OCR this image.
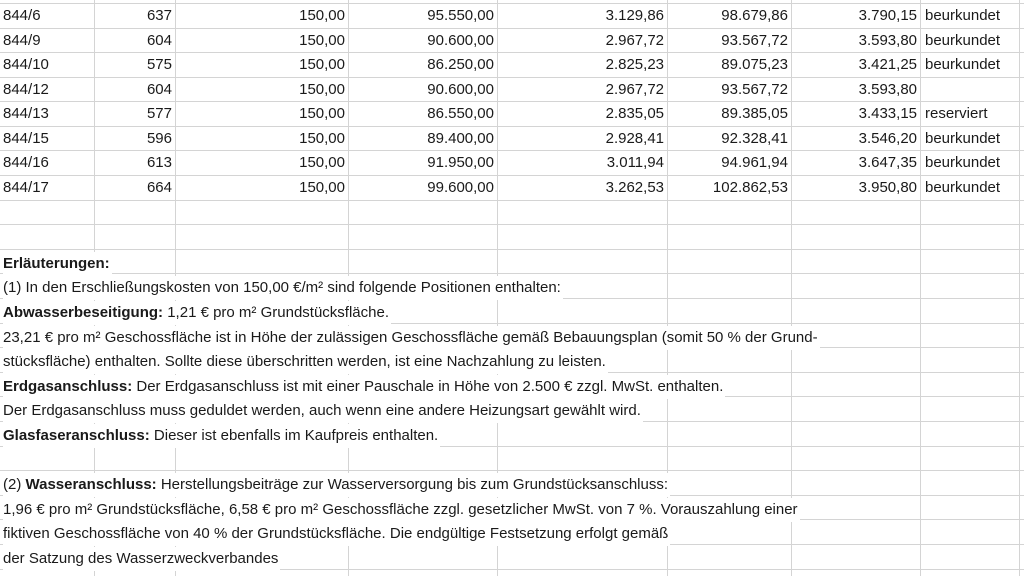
844/6	637	150,00	95.550,00	3.129,86	98.679,86	3.790,15 beurkundet
844/9	604	150,00	90.600,00	2.967,72	93.567,72	3.593,80 beurkundet
844/10	575	150,00	86.250,00	2.825,23	89.075,23	3.421,25 beurkundet
844/12	604	150,00	90.600,00	2.967,72	93.567,72	3.593,80
844/13	577	150,00	86.550,00	2.835,05	89.385,05	3.433,15 reserviert
844/15	596	150,00	89.400,00	2.928,41	92.328,41	3.546,20 beurkundet
844/16	613	150,00	91.950,00	3.011,94	94.961,94	3.647,35 beurkundet
844/17	664	150,00	99.600,00	3.262,53	102.862,53	3.950,80 beurkundet
Erläuterungen:
(1) In den Erschließungskosten von 150,00 €/m² sind folgende Positionen enthalten:
Abwasserbeseitigung: 1,21 € pro m² Grundstücksfläche.
23,21 € pro m² Geschossfläche ist in Höhe der zulässigen Geschossfläche gemäß Bebauungsplan (somit 50 % der Grund-
stücksfläche) enthalten. Sollte diese überschritten werden, ist eine Nachzahlung zu leisten.
Erdgasanschluss: Der Erdgasanschluss ist mit einer Pauschale in Höhe von 2.500 € zzgl. MwSt. enthalten.
Der Erdgasanschluss muss geduldet werden, auch wenn eine andere Heizungsart gewählt wird.
Glasfaseranschluss: Dieser ist ebenfalls im Kaufpreis enthalten.
(2) Wasseranschluss: Herstellungsbeiträge zur Wasserversorgung bis zum Grundstücksanschluss:
1,96 € pro m² Grundstücksfläche, 6,58 € pro m² Geschossfläche zzgl. gesetzlicher MwSt. von 7 %. Vorauszahlung einer
fiktiven Geschossfläche von 40 % der Grundstücksfläche. Die endgültige Festsetzung erfolgt gemäß
der Satzung des Wasserzweckverbandes
